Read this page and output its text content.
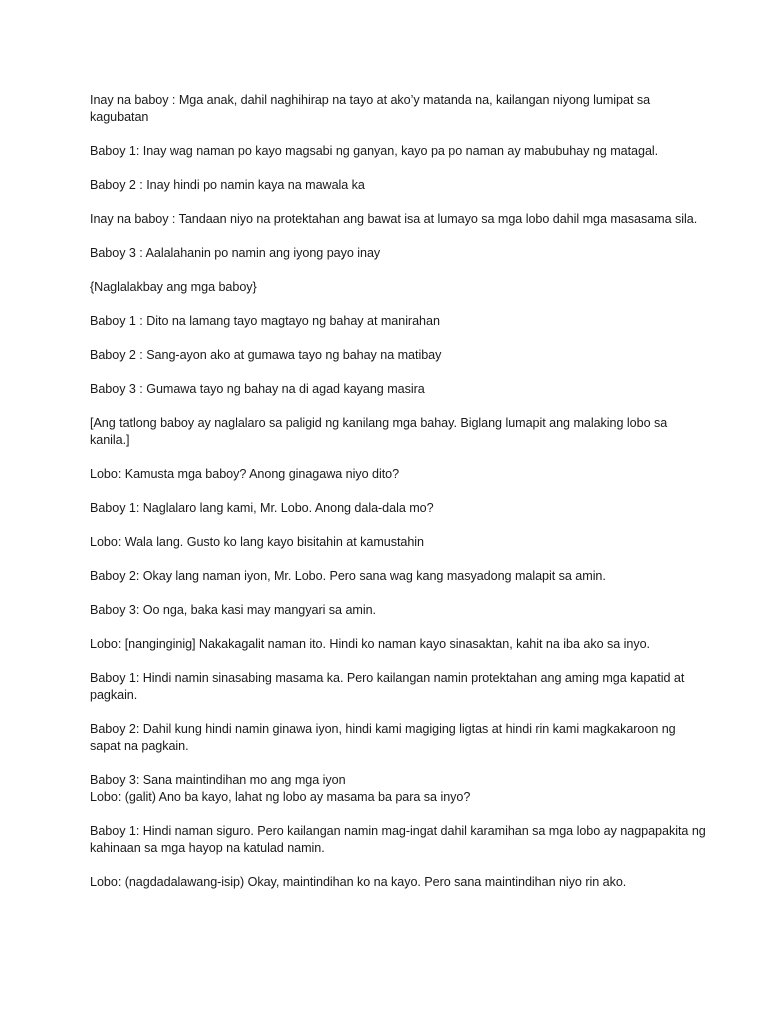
Inay na baboy : Mga anak, dahil naghihirap na tayo at ako’y matanda na, kailangan niyong lumipat sa kagubatan

Baboy 1: Inay wag naman po kayo magsabi ng ganyan, kayo pa po naman ay mabubuhay ng matagal.

Baboy 2 : Inay hindi po namin kaya na mawala ka

Inay na baboy : Tandaan niyo na protektahan ang bawat isa at lumayo sa mga lobo dahil mga masasama sila.

Baboy 3 : Aalalahanin po namin ang iyong payo inay

{Naglalakbay ang mga baboy}

Baboy 1 : Dito na lamang tayo magtayo ng bahay at manirahan

Baboy 2 : Sang-ayon ako at gumawa tayo ng bahay na matibay

Baboy 3 : Gumawa tayo ng bahay na di agad kayang masira

[Ang tatlong baboy ay naglalaro sa paligid ng kanilang mga bahay. Biglang lumapit ang malaking lobo sa kanila.]

Lobo: Kamusta mga baboy? Anong ginagawa niyo dito?

Baboy 1: Naglalaro lang kami, Mr. Lobo. Anong dala-dala mo?

Lobo: Wala lang. Gusto ko lang kayo bisitahin at kamustahin

Baboy 2: Okay lang naman iyon, Mr. Lobo. Pero sana wag kang masyadong malapit sa amin.

Baboy 3: Oo nga, baka kasi may mangyari sa amin.

Lobo: [nanginginig] Nakakagalit naman ito. Hindi ko naman kayo sinasaktan, kahit na iba ako sa inyo.

Baboy 1: Hindi namin sinasabing masama ka. Pero kailangan namin protektahan ang aming mga kapatid at pagkain.

Baboy 2: Dahil kung hindi namin ginawa iyon, hindi kami magiging ligtas at hindi rin kami magkakaroon ng sapat na pagkain.

Baboy 3: Sana maintindihan mo ang mga iyon

Lobo: (galit) Ano ba kayo, lahat ng lobo ay masama ba para sa inyo?

Baboy 1: Hindi naman siguro. Pero kailangan namin mag-ingat dahil karamihan sa mga lobo ay nagpapakita ng kahinaan sa mga hayop na katulad namin.

Lobo: (nagdadalawang-isip) Okay, maintindihan ko na kayo. Pero sana maintindihan niyo rin ako.
